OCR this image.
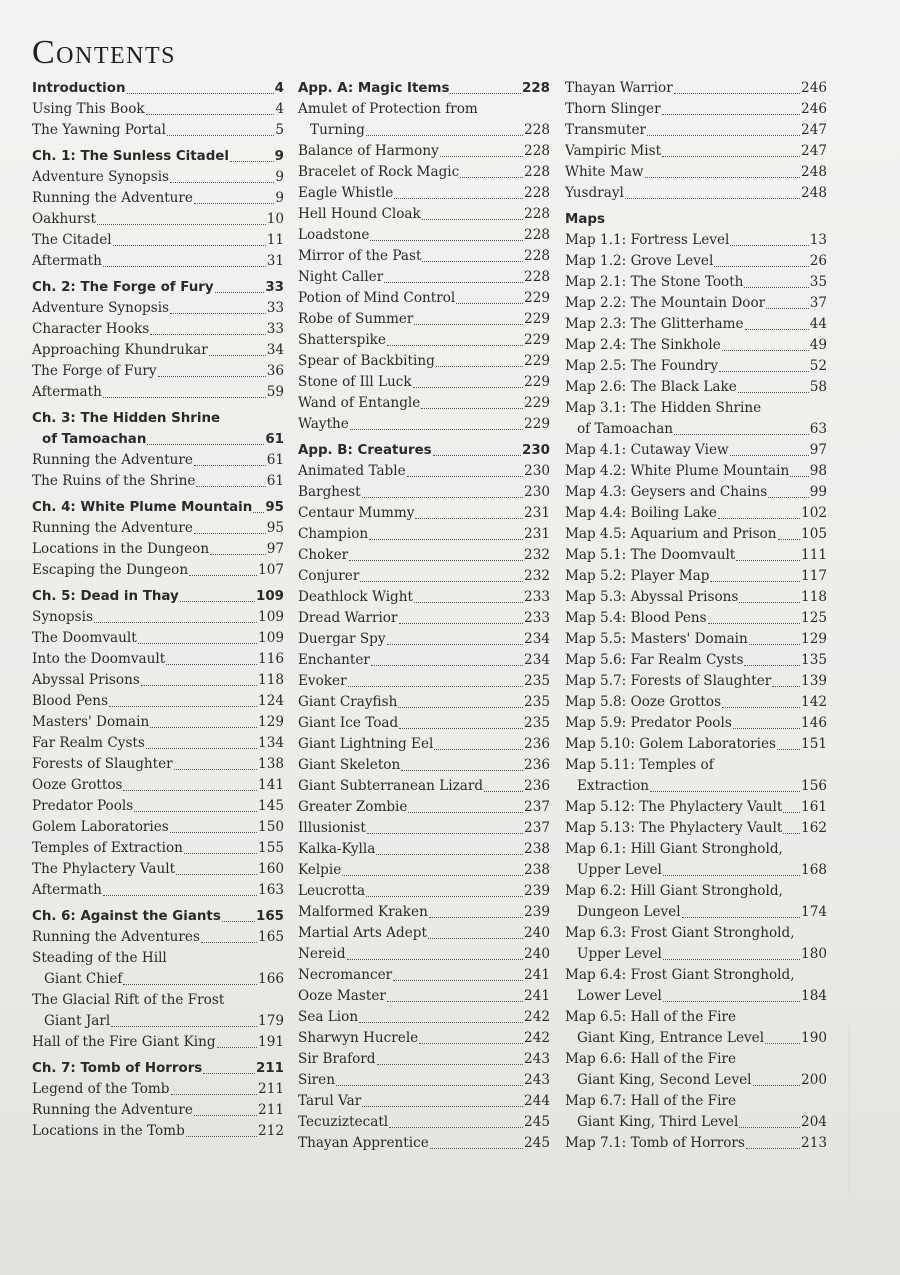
Contents
Introduction	4
Using This Book	4
The Yawning Portal	5
Ch. 1: The Sunless Citadel	9
Adventure Synopsis	9
Running the Adventure	9
Oakhurst	10
The Citadel	11
Aftermath	31
Ch. 2: The Forge of Fury	33
Adventure Synopsis	33
Character Hooks	33
Approaching Khundrukar	34
The Forge of Fury	36
Aftermath	59
Ch. 3: The Hidden Shrine
of Tamoachan	61
Running the Adventure	61
The Ruins of the Shrine	61
Ch. 4: White Plume Mountain 95
Running the Adventure	95
Locations in the Dungeon	97
Escaping the Dungeon	107
Ch. 5: Dead in Thay	109
Synopsis	109
The Doomvault	109
Into the Doomvault	116
Abyssal Prisons	118
Blood Pens	124
Masters' Domain	129
Far Realm Cysts	134
Forests of Slaughter	138
Ooze Grottos	141
Predator Pools	145
Golem Laboratories	150
Temples of Extraction	155
The Phylactery Vault	160
Aftermath	163
Ch. 6: Against the Giants	165
Running the Adventures	165
Steading of the Hill
Giant Chief	166
The Glacial Rift of the Frost
Giant Jarl	179
Hall of the Fire Giant King	191
Ch. 7: Tomb of Horrors	211
Legend of the Tomb	211
Running the Adventure	211
Locations in the Tomb	212
App. A: Magic Items	228
Amulet of Protection from
Turning	228
Balance of Harmony	228
Bracelet of Rock Magic	228
Eagle Whistle	228
Hell Hound Cloak	228
Loadstone	228
Mirror of the Past	228
Night Caller	228
Potion of Mind Control	229
Robe of Summer	229
Shatterspike	229
Spear of Backbiting	229
Stone of Ill Luck	229
Wand of Entangle	229
Waythe	229
App. B: Creatures	230
Animated Table	230
Barghest	230
Centaur Mummy	231
Champion	231
Choker	232
Conjurer	232
Deathlock Wight	233
Dread Warrior	233
Duergar Spy	234
Enchanter	234
Evoker	235
Giant Crayfish	235
Giant Ice Toad	235
Giant Lightning Eel	236
Giant Skeleton	236
Giant Subterranean Lizard	236
Greater Zombie	237
Illusionist	237
Kalka-Kylla	238
Kelpie	238
Leucrotta	239
Malformed Kraken	239
Martial Arts Adept	240
Nereid	240
Necromancer	241
Ooze Master	241
Sea Lion	242
Sharwyn Hucrele	242
Sir Braford	243
Siren	243
Tarul Var	244
Tecuziztecatl	245
Thayan Apprentice	245
Thayan Warrior	246
Thorn Slinger	246
Transmuter	247
Vampiric Mist	247
White Maw	248
Yusdrayl	248
Maps
Map 1.1: Fortress Level	13
Map 1.2: Grove Level	26
Map 2.1: The Stone Tooth	35
Map 2.2: The Mountain Door	37
Map 2.3: The Glitterhame	44
Map 2.4: The Sinkhole	49
Map 2.5: The Foundry	52
Map 2.6: The Black Lake	58
Map 3.1: The Hidden Shrine
of Tamoachan	63
Map 4.1: Cutaway View	97
Map 4.2: White Plume Mountain 98
Map 4.3: Geysers and Chains	99
Map 4.4: Boiling Lake	102
Map 4.5: Aquarium and Prison 105
Map 5.1: The Doomvault	111
Map 5.2: Player Map	117
Map 5.3: Abyssal Prisons	118
Map 5.4: Blood Pens	125
Map 5.5: Masters' Domain	129
Map 5.6: Far Realm Cysts	135
Map 5.7: Forests of Slaughter 139
Map 5.8: Ooze Grottos	142
Map 5.9: Predator Pools	146
Map 5.10: Golem Laboratories 151
Map 5.11: Temples of
Extraction	156
Map 5.12: The Phylactery Vault 161
Map 5.13: The Phylactery Vault 162
Map 6.1: Hill Giant Stronghold,
Upper Level	168
Map 6.2: Hill Giant Stronghold,
Dungeon Level	174
Map 6.3: Frost Giant Stronghold,
Upper Level	180
Map 6.4: Frost Giant Stronghold,
Lower Level	184
Map 6.5: Hall of the Fire
Giant King, Entrance Level	190
Map 6.6: Hall of the Fire
Giant King, Second Level	200
Map 6.7: Hall of the Fire
Giant King, Third Level	204
Map 7.1: Tomb of Horrors	213
